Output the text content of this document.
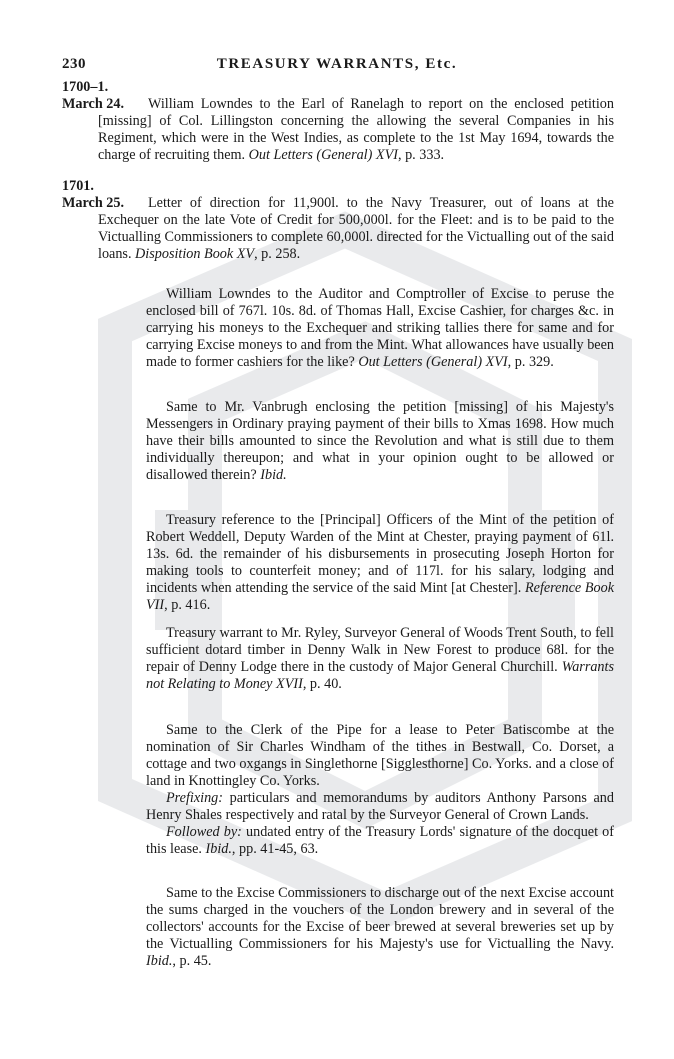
230	TREASURY WARRANTS, Etc.
1700–1.
March 24.
1701.
March 25.

William Lowndes to the Earl of Ranelagh to report on the enclosed petition [missing] of Col. Lillingston concerning the allowing the several Companies in his Regiment, which were in the West Indies, as complete to the 1st May 1694, towards the charge of recruiting them. Out Letters (General) XVI, p. 333.

Letter of direction for 11,900l. to the Navy Treasurer, out of loans at the Exchequer on the late Vote of Credit for 500,000l. for the Fleet: and is to be paid to the Victualling Commissioners to complete 60,000l. directed for the Victualling out of the said loans. Disposition Book XV, p. 258.

William Lowndes to the Auditor and Comptroller of Excise to peruse the enclosed bill of 767l. 10s. 8d. of Thomas Hall, Excise Cashier, for charges &c. in carrying his moneys to the Exchequer and striking tallies there for same and for carrying Excise moneys to and from the Mint. What allowances have usually been made to former cashiers for the like? Out Letters (General) XVI, p. 329.

Same to Mr. Vanbrugh enclosing the petition [missing] of his Majesty's Messengers in Ordinary praying payment of their bills to Xmas 1698. How much have their bills amounted to since the Revolution and what is still due to them individually thereupon; and what in your opinion ought to be allowed or disallowed therein? Ibid.

Treasury reference to the [Principal] Officers of the Mint of the petition of Robert Weddell, Deputy Warden of the Mint at Chester, praying payment of 61l. 13s. 6d. the remainder of his disbursements in prosecuting Joseph Horton for making tools to counterfeit money; and of 117l. for his salary, lodging and incidents when attending the service of the said Mint [at Chester]. Reference Book VII, p. 416.

Treasury warrant to Mr. Ryley, Surveyor General of Woods Trent South, to fell sufficient dotard timber in Denny Walk in New Forest to produce 68l. for the repair of Denny Lodge there in the custody of Major General Churchill. Warrants not Relating to Money XVII, p. 40.

Same to the Clerk of the Pipe for a lease to Peter Batiscombe at the nomination of Sir Charles Windham of the tithes in Bestwall, Co. Dorset, a cottage and two oxgangs in Singlethorne [Sigglesthorne] Co. Yorks. and a close of land in Knottingley Co. Yorks.

Prefixing: particulars and memorandums by auditors Anthony Parsons and Henry Shales respectively and ratal by the Surveyor General of Crown Lands.

Followed by: undated entry of the Treasury Lords' signature of the docquet of this lease. Ibid., pp. 41-45, 63.

Same to the Excise Commissioners to discharge out of the next Excise account the sums charged in the vouchers of the London brewery and in several of the collectors' accounts for the Excise of beer brewed at several breweries set up by the Victualling Commissioners for his Majesty's use for Victualling the Navy. Ibid., p. 45.
